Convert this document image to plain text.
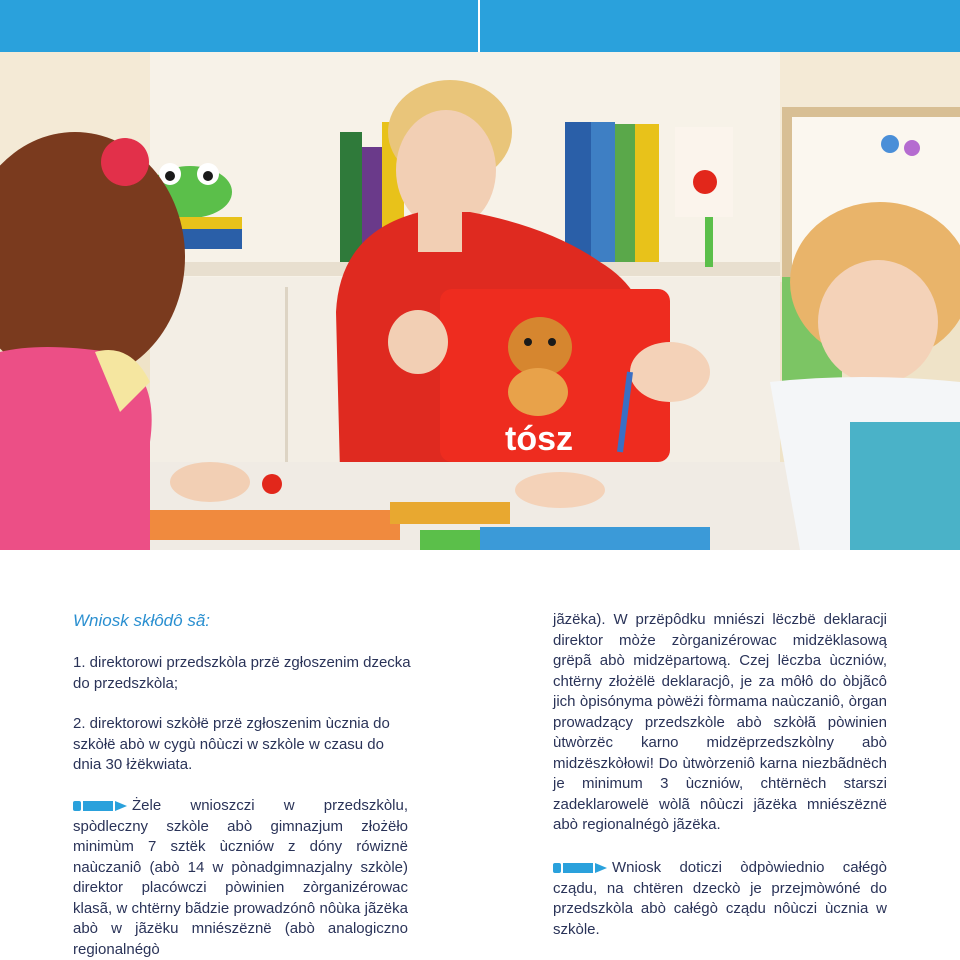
tósz
Wniosk skłôdô sã:
1. direktorowi przedszkòla przë zgłoszenim dzecka do przedszkòla;
2. direktorowi szkòłë przë zgłoszenim ùcznia do szkòłë abò w cygù nôùczi w szkòle w czasu do dnia 30 łżëkwiata.
Żele wnioszczi w przedszkòlu, spòdleczny szkòle abò gimnazjum złożëło minimùm 7 sztëk ùczniów z dóny rówiznë naùczaniô (abò 14 w pònadgimnazjalny szkòle) direktor placówczi pòwinien zòrganizérowac klasã, w chtërny bãdzie prowadzónô nôùka jãzëka abò w jãzëku mniészëznë (abò analogiczno regionalnégò
jãzëka). W przëpôdku mniészi lëczbë deklaracji direktor mòże zòrganizérowac midzëklasową grëpã abò midzëpartową. Czej lëczba ùczniów, chtërny złożëlë deklaracjô, je za môłô do òbjãcô jich òpisónyma pòwëżi fòrmama naùczaniô, òrgan prowadzący przedszkòle abò szkòłã pòwinien ùtwòrzëc karno midzëprzedszkòlny abò midzëszkòłowi! Do ùtwòrzeniô karna niezbãdnëch je minimum 3 ùczniów, chtërnëch starszi zadeklarowelë wòlã nôùczi jãzëka mniészëznë abò regionalnégò jãzëka.
Wniosk doticzi òdpòwiednio całégò cządu, na chtëren dzeckò je przejmòwóné do przedszkòla abò całégò cządu nôùczi ùcznia w szkòle.
